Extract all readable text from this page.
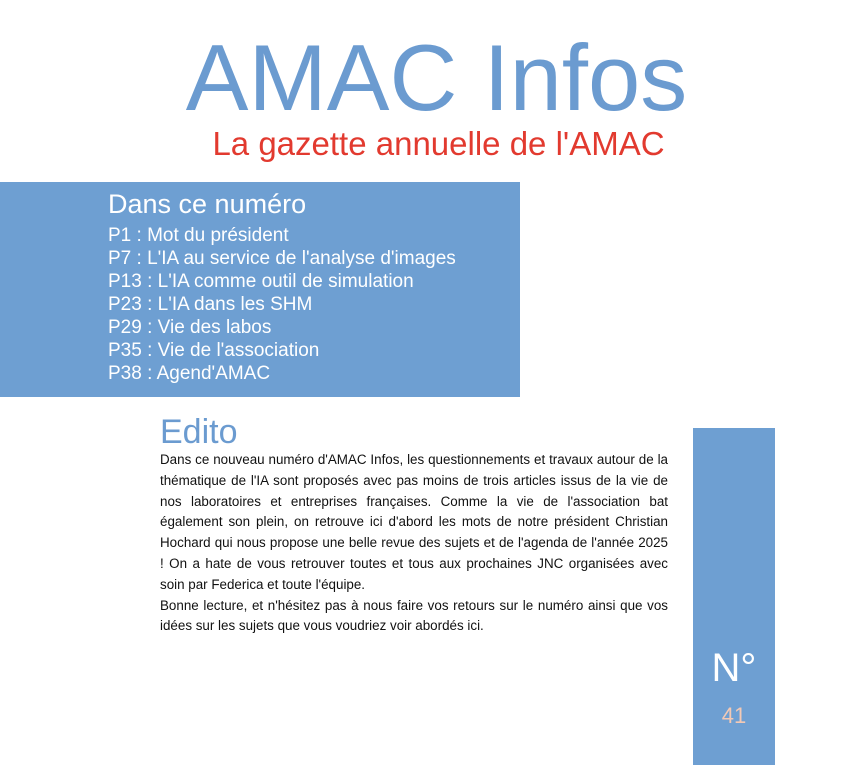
AMAC Infos
La gazette annuelle de l'AMAC
Dans ce numéro
P1 : Mot du président
P7 : L'IA au service de l'analyse d'images
P13 : L'IA comme outil de simulation
P23 : L'IA dans les SHM
P29 : Vie des labos
P35 : Vie de l'association
P38 : Agend'AMAC
Edito

Dans ce nouveau numéro d'AMAC Infos, les questionnements et travaux autour de la thématique de l'IA sont proposés avec pas moins de trois articles issus de la vie de nos laboratoires et entreprises françaises. Comme la vie de l'association bat également son plein, on retrouve ici d'abord les mots de notre président Christian Hochard qui nous propose une belle revue des sujets et de l'agenda de l'année 2025 ! On a hate de vous retrouver toutes et tous aux prochaines JNC organisées avec soin par Federica et toute l'équipe.

Bonne lecture, et n'hésitez pas à nous faire vos retours sur le numéro ainsi que vos idées sur les sujets que vous voudriez voir abordés ici.

N°
41
